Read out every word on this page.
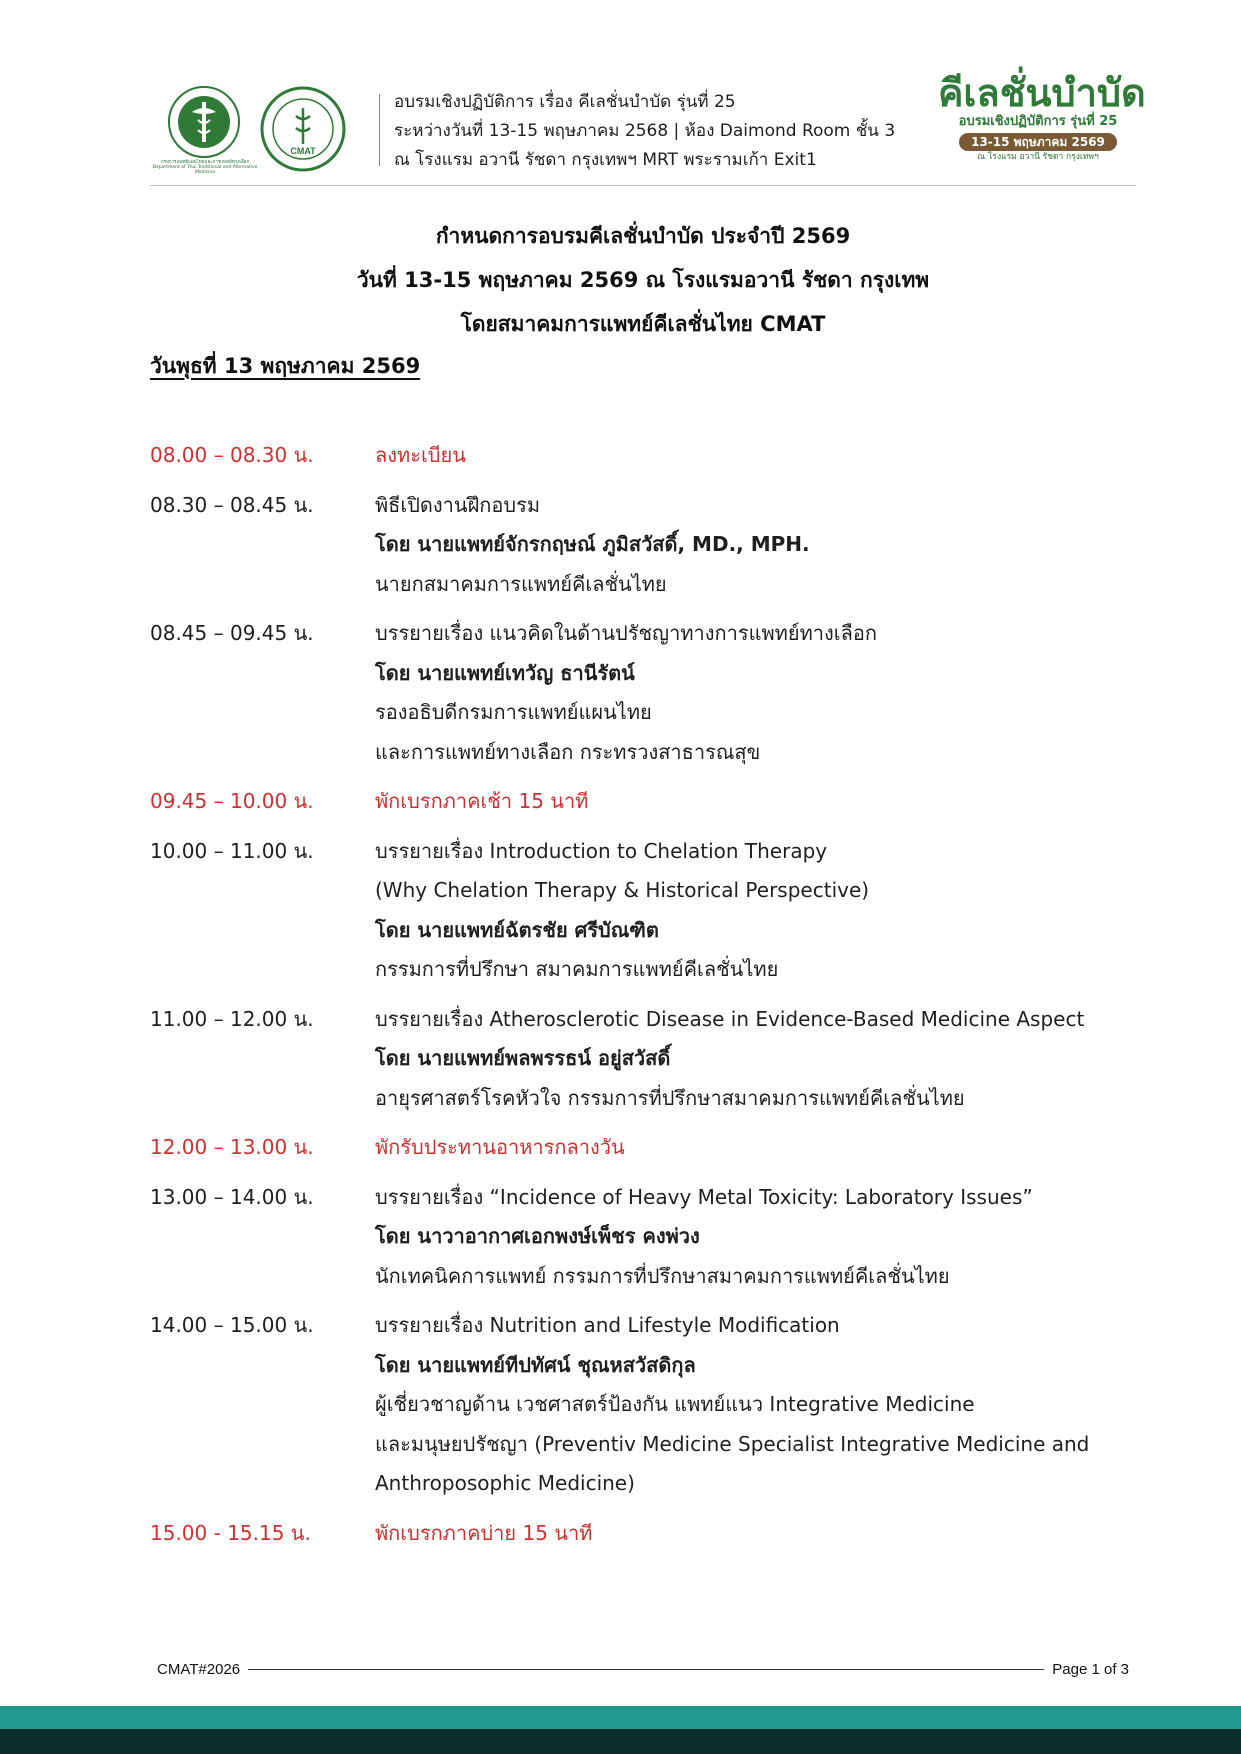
กรมการแพทย์แผนไทยและการแพทย์ทางเลือก Department of Thai Traditional and Alternative Medicine
CMAT
อบรมเชิงปฏิบัติการ เรื่อง คีเลชั่นบำบัด รุ่นที่ 25
ระหว่างวันที่ 13-15 พฤษภาคม 2568 | ห้อง Daimond Room ชั้น 3
ณ โรงแรม อวานี รัชดา กรุงเทพฯ MRT พระรามเก้า Exit1
คีเลชั่นบำบัด
อบรมเชิงปฏิบัติการ รุ่นที่ 25
13-15 พฤษภาคม 2569
ณ โรงแรม อวานี รัชดา กรุงเทพฯ
กำหนดการอบรมคีเลชั่นบำบัด ประจำปี 2569
วันที่ 13-15 พฤษภาคม 2569 ณ โรงแรมอวานี รัชดา กรุงเทพ
โดยสมาคมการแพทย์คีเลชั่นไทย CMAT
วันพุธที่ 13 พฤษภาคม 2569
08.00 – 08.30 น.	ลงทะเบียน
08.30 – 08.45 น.	พิธีเปิดงานฝึกอบรม
โดย นายแพทย์จักรกฤษณ์ ภูมิสวัสดิ์, MD., MPH.
นายกสมาคมการแพทย์คีเลชั่นไทย
08.45 – 09.45 น.	บรรยายเรื่อง แนวคิดในด้านปรัชญาทางการแพทย์ทางเลือก
โดย นายแพทย์เทวัญ ธานีรัตน์
รองอธิบดีกรมการแพทย์แผนไทย
และการแพทย์ทางเลือก กระทรวงสาธารณสุข
09.45 – 10.00 น.	พักเบรกภาคเช้า 15 นาที
10.00 – 11.00 น.	บรรยายเรื่อง Introduction to Chelation Therapy
(Why Chelation Therapy & Historical Perspective)
โดย นายแพทย์ฉัตรชัย ศรีบัณฑิต
กรรมการที่ปรึกษา สมาคมการแพทย์คีเลชั่นไทย
11.00 – 12.00 น.	บรรยายเรื่อง Atherosclerotic Disease in Evidence-Based Medicine Aspect
โดย นายแพทย์พลพรรธน์ อยู่สวัสดิ์
อายุรศาสตร์โรคหัวใจ กรรมการที่ปรึกษาสมาคมการแพทย์คีเลชั่นไทย
12.00 – 13.00 น.	พักรับประทานอาหารกลางวัน
13.00 – 14.00 น.	บรรยายเรื่อง “Incidence of Heavy Metal Toxicity: Laboratory Issues”
โดย นาวาอากาศเอกพงษ์เพ็ชร คงพ่วง
นักเทคนิคการแพทย์ กรรมการที่ปรึกษาสมาคมการแพทย์คีเลชั่นไทย
14.00 – 15.00 น.	บรรยายเรื่อง Nutrition and Lifestyle Modification
โดย นายแพทย์ทีปทัศน์ ชุณหสวัสดิกุล
ผู้เชี่ยวชาญด้าน เวชศาสตร์ป้องกัน แพทย์แนว Integrative Medicine
และมนุษยปรัชญา (Preventiv Medicine Specialist Integrative Medicine and
Anthroposophic Medicine)
15.00 - 15.15 น.	พักเบรกภาคบ่าย 15 นาที
CMAT#2026	Page 1 of 3
